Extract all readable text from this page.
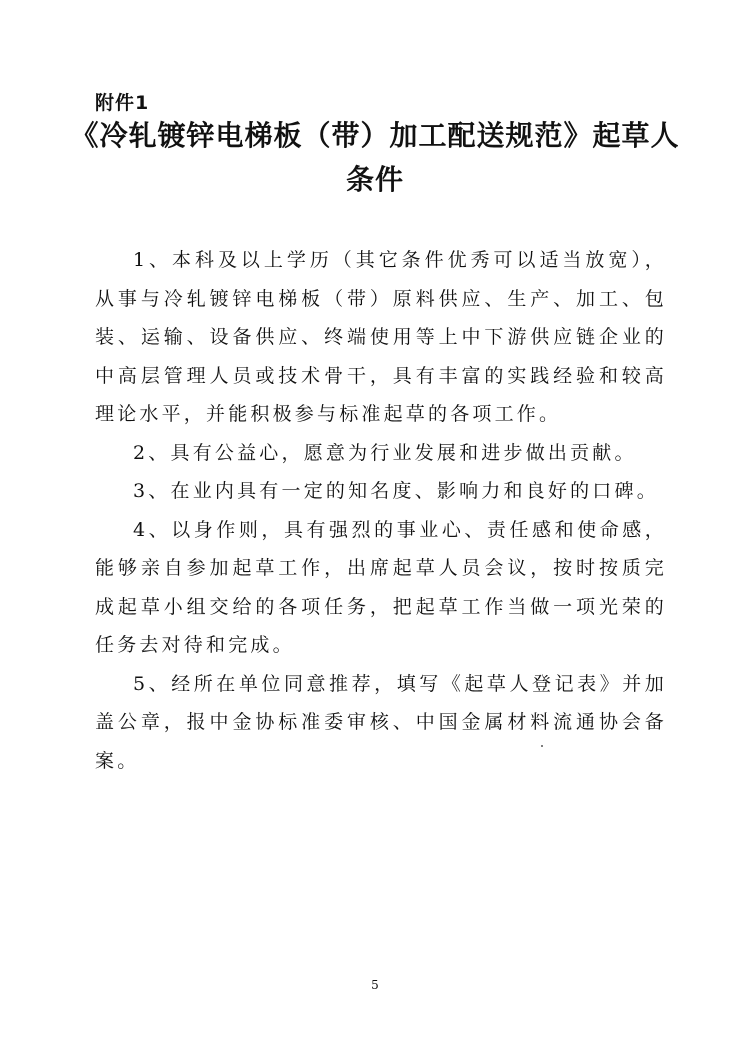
附件1
《冷轧镀锌电梯板（带）加工配送规范》起草人
条件

1、本科及以上学历（其它条件优秀可以适当放宽），从事与冷轧镀锌电梯板（带）原料供应、生产、加工、包装、运输、设备供应、终端使用等上中下游供应链企业的中高层管理人员或技术骨干，具有丰富的实践经验和较高理论水平，并能积极参与标准起草的各项工作。

2、具有公益心，愿意为行业发展和进步做出贡献。

3、在业内具有一定的知名度、影响力和良好的口碑。

4、以身作则，具有强烈的事业心、责任感和使命感，能够亲自参加起草工作，出席起草人员会议，按时按质完成起草小组交给的各项任务，把起草工作当做一项光荣的任务去对待和完成。

5、经所在单位同意推荐，填写《起草人登记表》并加盖公章，报中金协标准委审核、中国金属材料流通协会备案。

5
